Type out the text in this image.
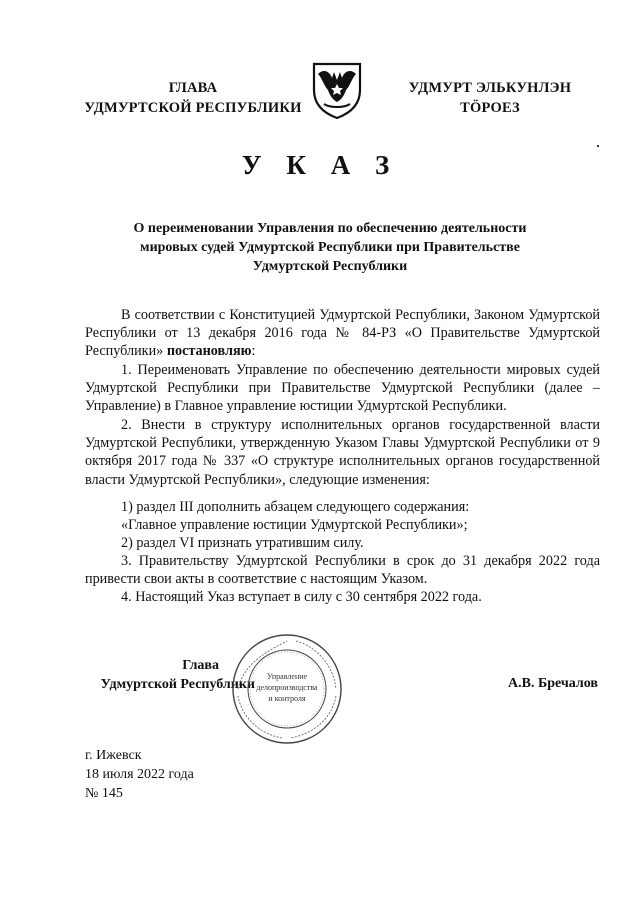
ГЛАВА
УДМУРТСКОЙ РЕСПУБЛИКИ
УДМУРТ ЭЛЬКУНЛЭН
ТӦРОЕЗ
У К А З
О переименовании Управления по обеспечению деятельности
мировых судей Удмуртской Республики при Правительстве
Удмуртской Республики
В соответствии с Конституцией Удмуртской Республики, Законом Удмуртской Республики от 13 декабря 2016 года № 84-РЗ «О Правительстве Удмуртской Республики» постановляю:
1. Переименовать Управление по обеспечению деятельности мировых судей Удмуртской Республики при Правительстве Удмуртской Республики (далее – Управление) в Главное управление юстиции Удмуртской Республики.
2. Внести в структуру исполнительных органов государственной власти Удмуртской Республики, утвержденную Указом Главы Удмуртской Республики от 9 октября 2017 года № 337 «О структуре исполнительных органов государственной власти Удмуртской Республики», следующие изменения:
1) раздел III дополнить абзацем следующего содержания:
«Главное управление юстиции Удмуртской Республики»;
2) раздел VI признать утратившим силу.
3. Правительству Удмуртской Республики в срок до 31 декабря 2022 года привести свои акты в соответствие с настоящим Указом.
4. Настоящий Указ вступает в силу с 30 сентября 2022 года.
Глава
Удмуртской Республики
Управление
делопроизводства
и контроля
А.В. Бречалов
г. Ижевск
18 июля 2022 года
№ 145
